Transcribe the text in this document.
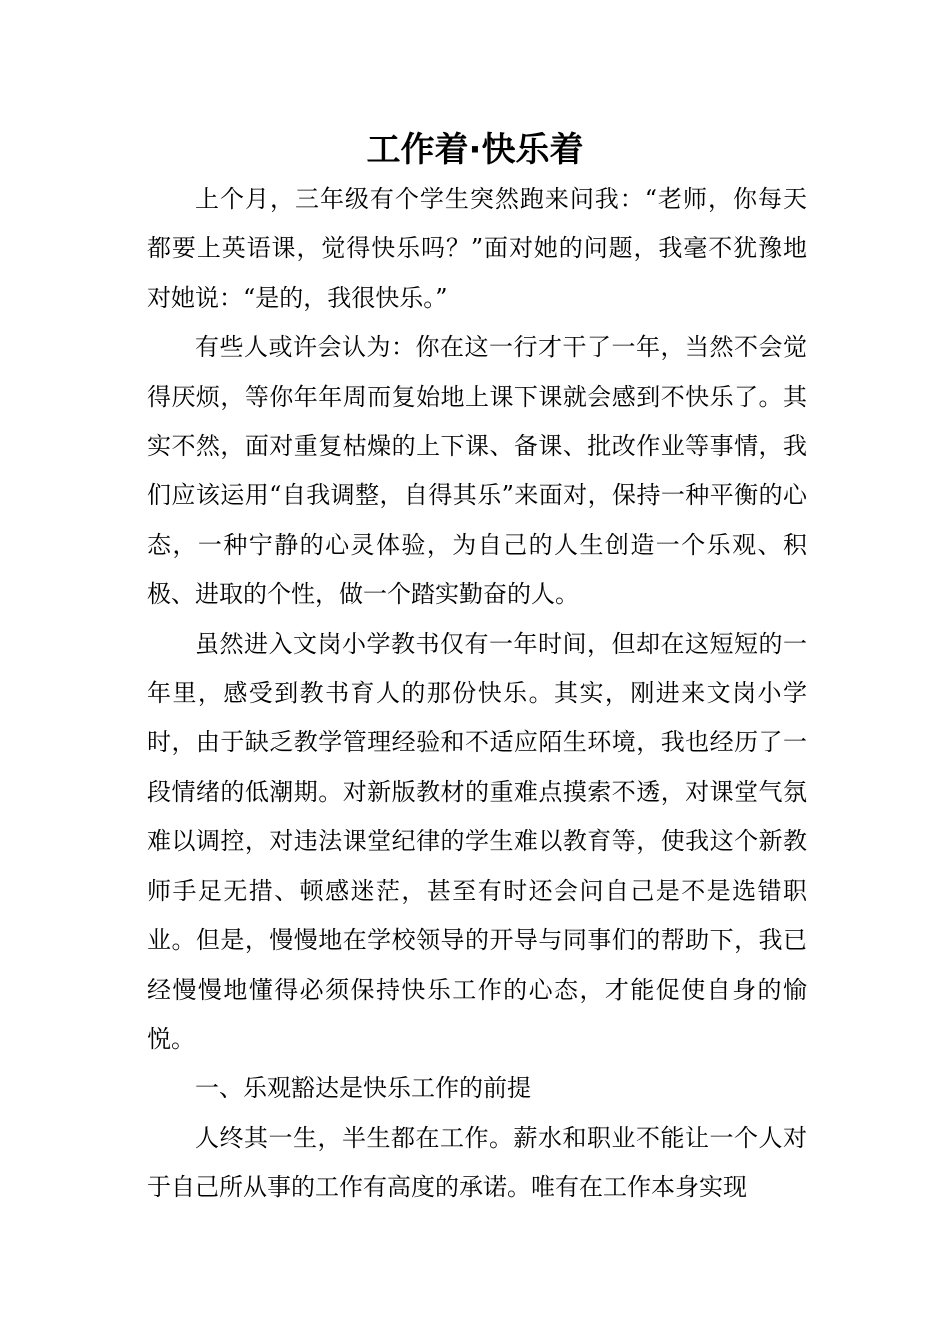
工作着·快乐着

上个月，三年级有个学生突然跑来问我：“老师，你每天都要上英语课，觉得快乐吗？”面对她的问题，我毫不犹豫地对她说：“是的，我很快乐。”

有些人或许会认为：你在这一行才干了一年，当然不会觉得厌烦，等你年年周而复始地上课下课就会感到不快乐了。其实不然，面对重复枯燥的上下课、备课、批改作业等事情，我们应该运用“自我调整，自得其乐”来面对，保持一种平衡的心态，一种宁静的心灵体验，为自己的人生创造一个乐观、积极、进取的个性，做一个踏实勤奋的人。

虽然进入文岗小学教书仅有一年时间，但却在这短短的一年里，感受到教书育人的那份快乐。其实，刚进来文岗小学时，由于缺乏教学管理经验和不适应陌生环境，我也经历了一段情绪的低潮期。对新版教材的重难点摸索不透，对课堂气氛难以调控，对违法课堂纪律的学生难以教育等，使我这个新教师手足无措、顿感迷茫，甚至有时还会问自己是不是选错职业。但是，慢慢地在学校领导的开导与同事们的帮助下，我已经慢慢地懂得必须保持快乐工作的心态，才能促使自身的愉悦。

一、乐观豁达是快乐工作的前提

人终其一生，半生都在工作。薪水和职业不能让一个人对于自己所从事的工作有高度的承诺。唯有在工作本身实现
